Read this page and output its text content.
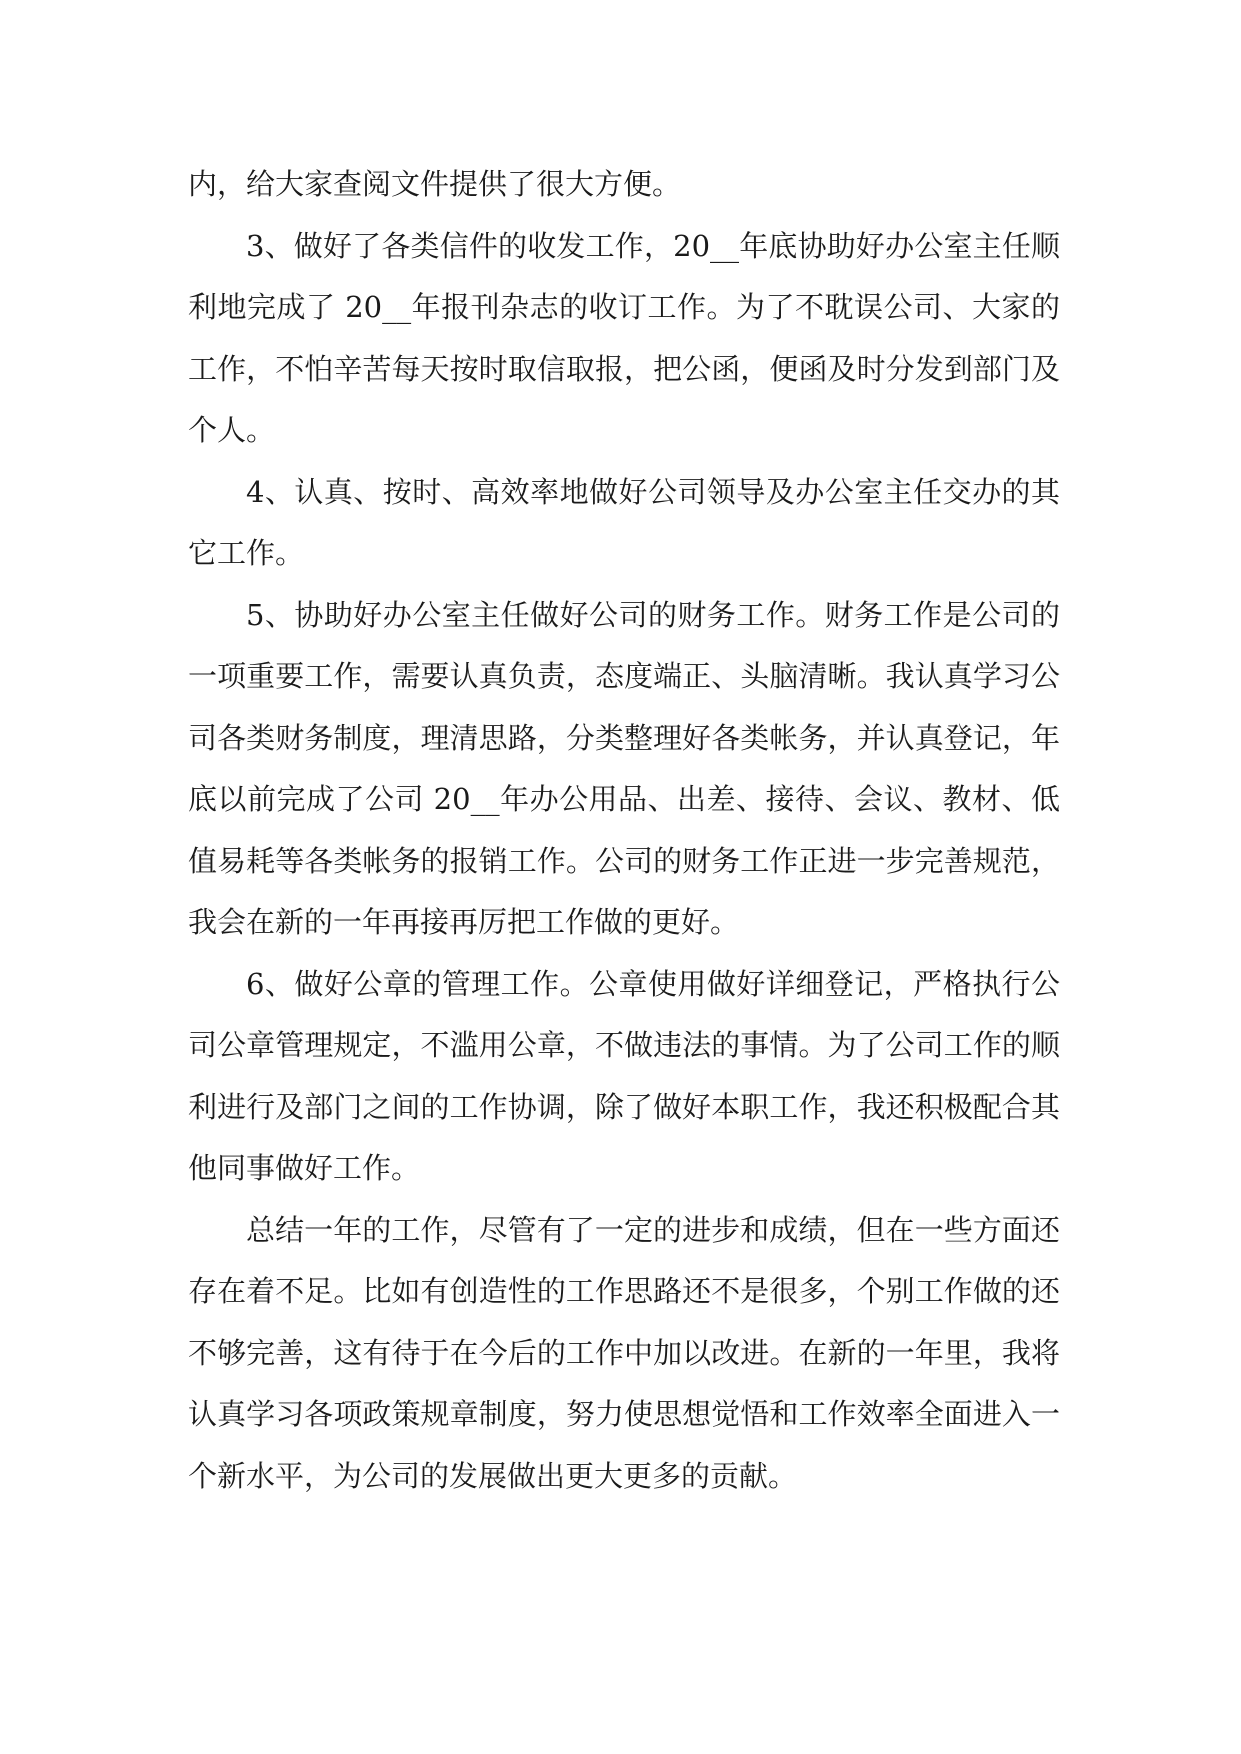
内，给大家查阅文件提供了很大方便。

3、做好了各类信件的收发工作，20__年底协助好办公室主任顺利地完成了 20__年报刊杂志的收订工作。为了不耽误公司、大家的工作，不怕辛苦每天按时取信取报，把公函，便函及时分发到部门及个人。

4、认真、按时、高效率地做好公司领导及办公室主任交办的其它工作。

5、协助好办公室主任做好公司的财务工作。财务工作是公司的一项重要工作，需要认真负责，态度端正、头脑清晰。我认真学习公司各类财务制度，理清思路，分类整理好各类帐务，并认真登记，年底以前完成了公司 20__年办公用品、出差、接待、会议、教材、低值易耗等各类帐务的报销工作。公司的财务工作正进一步完善规范，我会在新的一年再接再厉把工作做的更好。

6、做好公章的管理工作。公章使用做好详细登记，严格执行公司公章管理规定，不滥用公章，不做违法的事情。为了公司工作的顺利进行及部门之间的工作协调，除了做好本职工作，我还积极配合其他同事做好工作。

总结一年的工作，尽管有了一定的进步和成绩，但在一些方面还存在着不足。比如有创造性的工作思路还不是很多，个别工作做的还不够完善，这有待于在今后的工作中加以改进。在新的一年里，我将认真学习各项政策规章制度，努力使思想觉悟和工作效率全面进入一个新水平，为公司的发展做出更大更多的贡献。
